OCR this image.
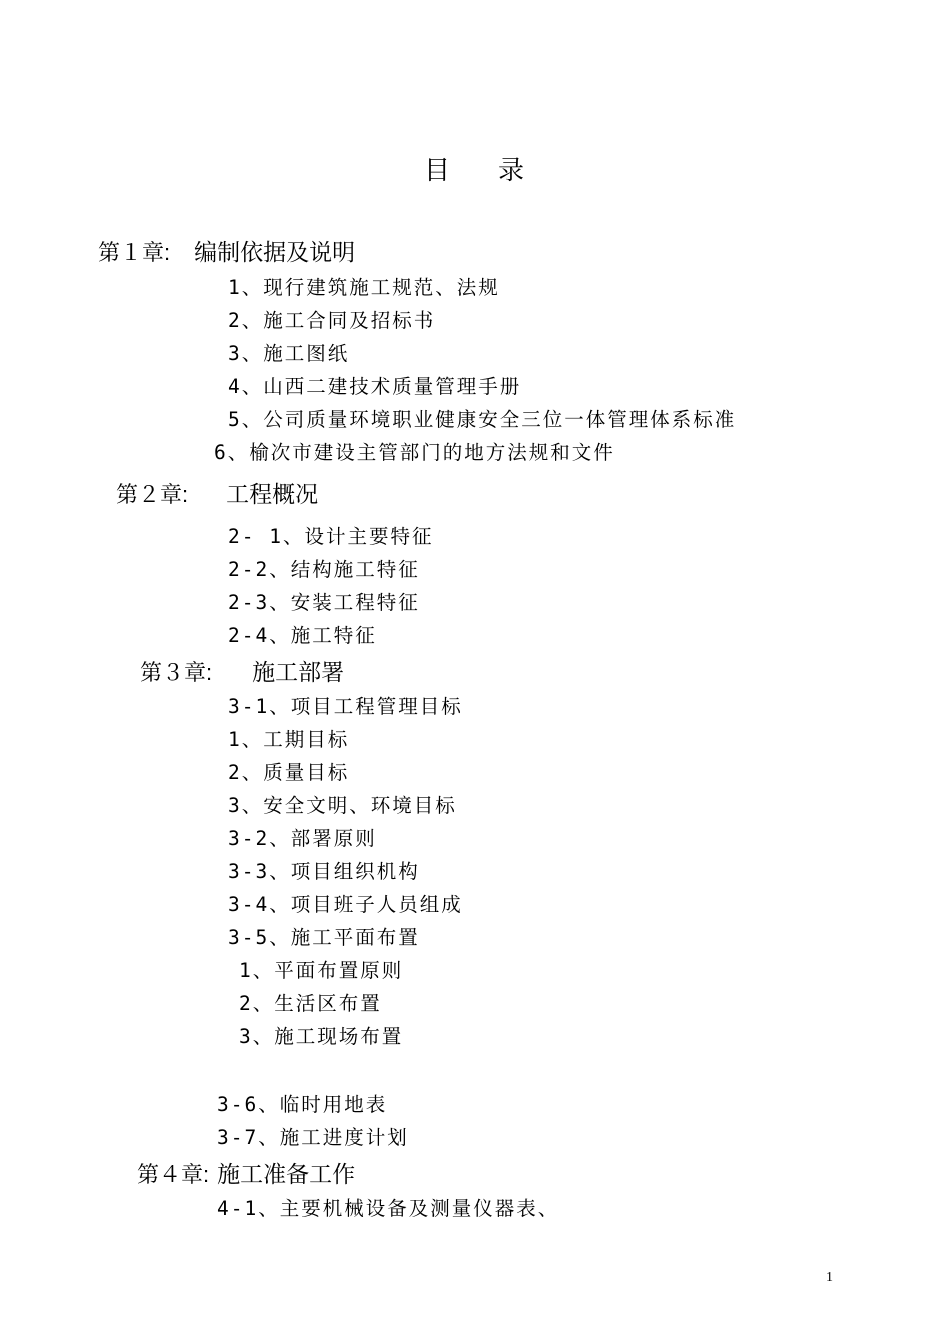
目 录
第１章: 编制依据及说明
1、现行建筑施工规范、法规
2、施工合同及招标书
3、施工图纸
4、山西二建技术质量管理手册
5、公司质量环境职业健康安全三位一体管理体系标准
6、榆次市建设主管部门的地方法规和文件
第２章: 工程概况
2- 1、设计主要特征
2-2、结构施工特征
2-3、安装工程特征
2-4、施工特征
第３章: 施工部署
3-1、项目工程管理目标
1、工期目标
2、质量目标
3、安全文明、环境目标
3-2、部署原则
3-3、项目组织机构
3-4、项目班子人员组成
3-5、施工平面布置
1、平面布置原则
2、生活区布置
3、施工现场布置
3-6、临时用地表
3-7、施工进度计划
第４章: 施工准备工作
4-1、主要机械设备及测量仪器表、
1
